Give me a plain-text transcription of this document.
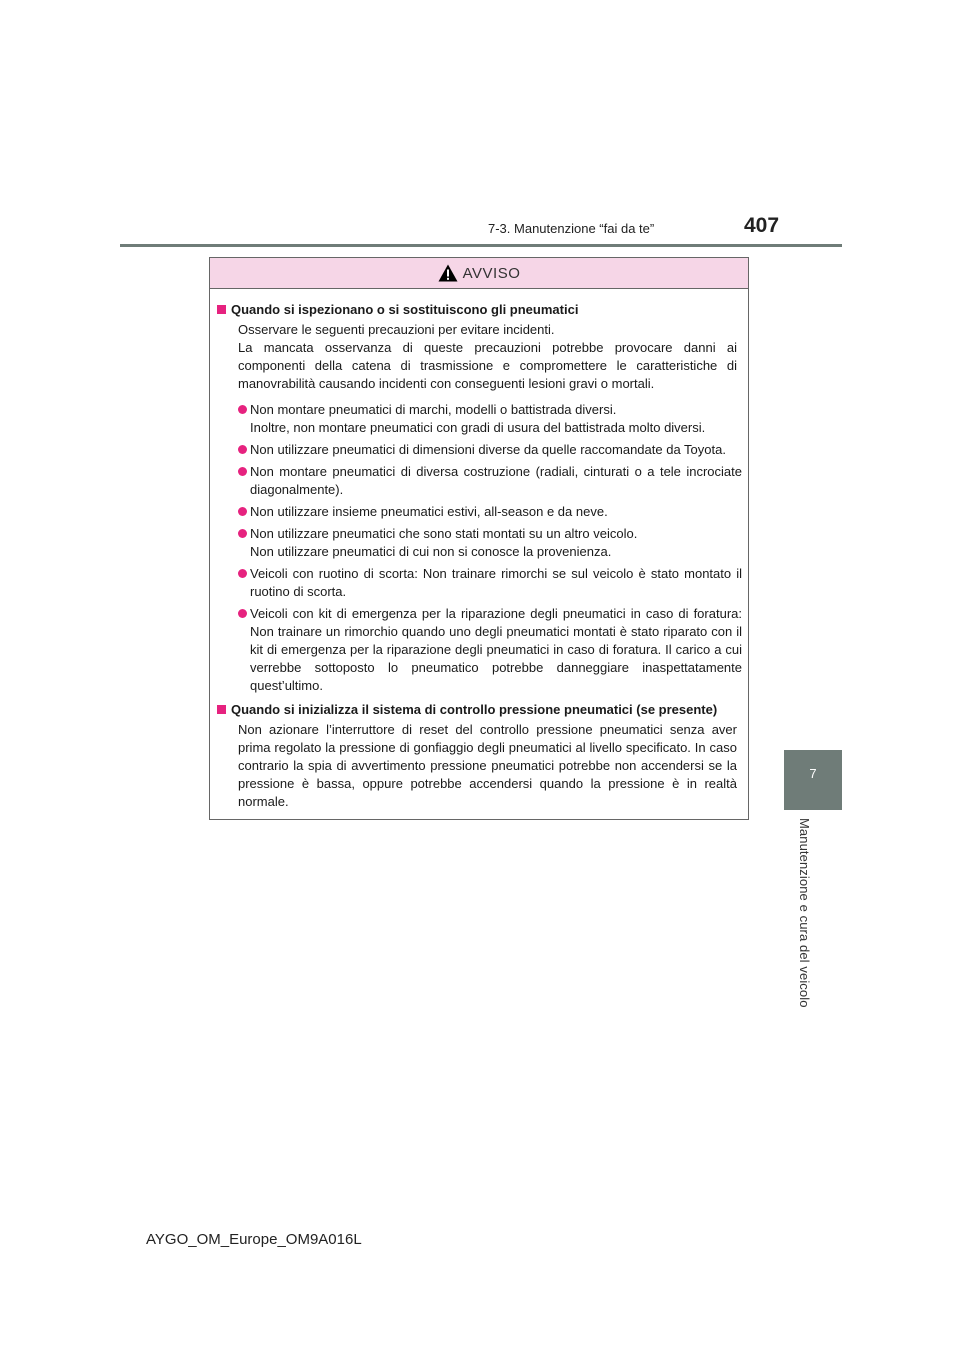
7-3. Manutenzione “fai da te”	407
7
Manutenzione e cura del veicolo
AVVISO
Quando si ispezionano o si sostituiscono gli pneumatici
Osservare le seguenti precauzioni per evitare incidenti.
La mancata osservanza di queste precauzioni potrebbe provocare danni ai componenti della catena di trasmissione e compromettere le caratteristiche di manovrabilità causando incidenti con conseguenti lesioni gravi o mortali.
Non montare pneumatici di marchi, modelli o battistrada diversi.
Inoltre, non montare pneumatici con gradi di usura del battistrada molto diversi.
Non utilizzare pneumatici di dimensioni diverse da quelle raccomandate da Toyota.
Non montare pneumatici di diversa costruzione (radiali, cinturati o a tele incrociate diagonalmente).
Non utilizzare insieme pneumatici estivi, all-season e da neve.
Non utilizzare pneumatici che sono stati montati su un altro veicolo.
Non utilizzare pneumatici di cui non si conosce la provenienza.
Veicoli con ruotino di scorta: Non trainare rimorchi se sul veicolo è stato montato il ruotino di scorta.
Veicoli con kit di emergenza per la riparazione degli pneumatici in caso di foratura: Non trainare un rimorchio quando uno degli pneumatici montati è stato riparato con il kit di emergenza per la riparazione degli pneumatici in caso di foratura. Il carico a cui verrebbe sottoposto lo pneumatico potrebbe danneggiare inaspettatamente quest’ultimo.
Quando si inizializza il sistema di controllo pressione pneumatici (se presente)
Non azionare l’interruttore di reset del controllo pressione pneumatici senza aver prima regolato la pressione di gonfiaggio degli pneumatici al livello specificato. In caso contrario la spia di avvertimento pressione pneumatici potrebbe non accendersi se la pressione è bassa, oppure potrebbe accendersi quando la pressione è in realtà normale.
AYGO_OM_Europe_OM9A016L
